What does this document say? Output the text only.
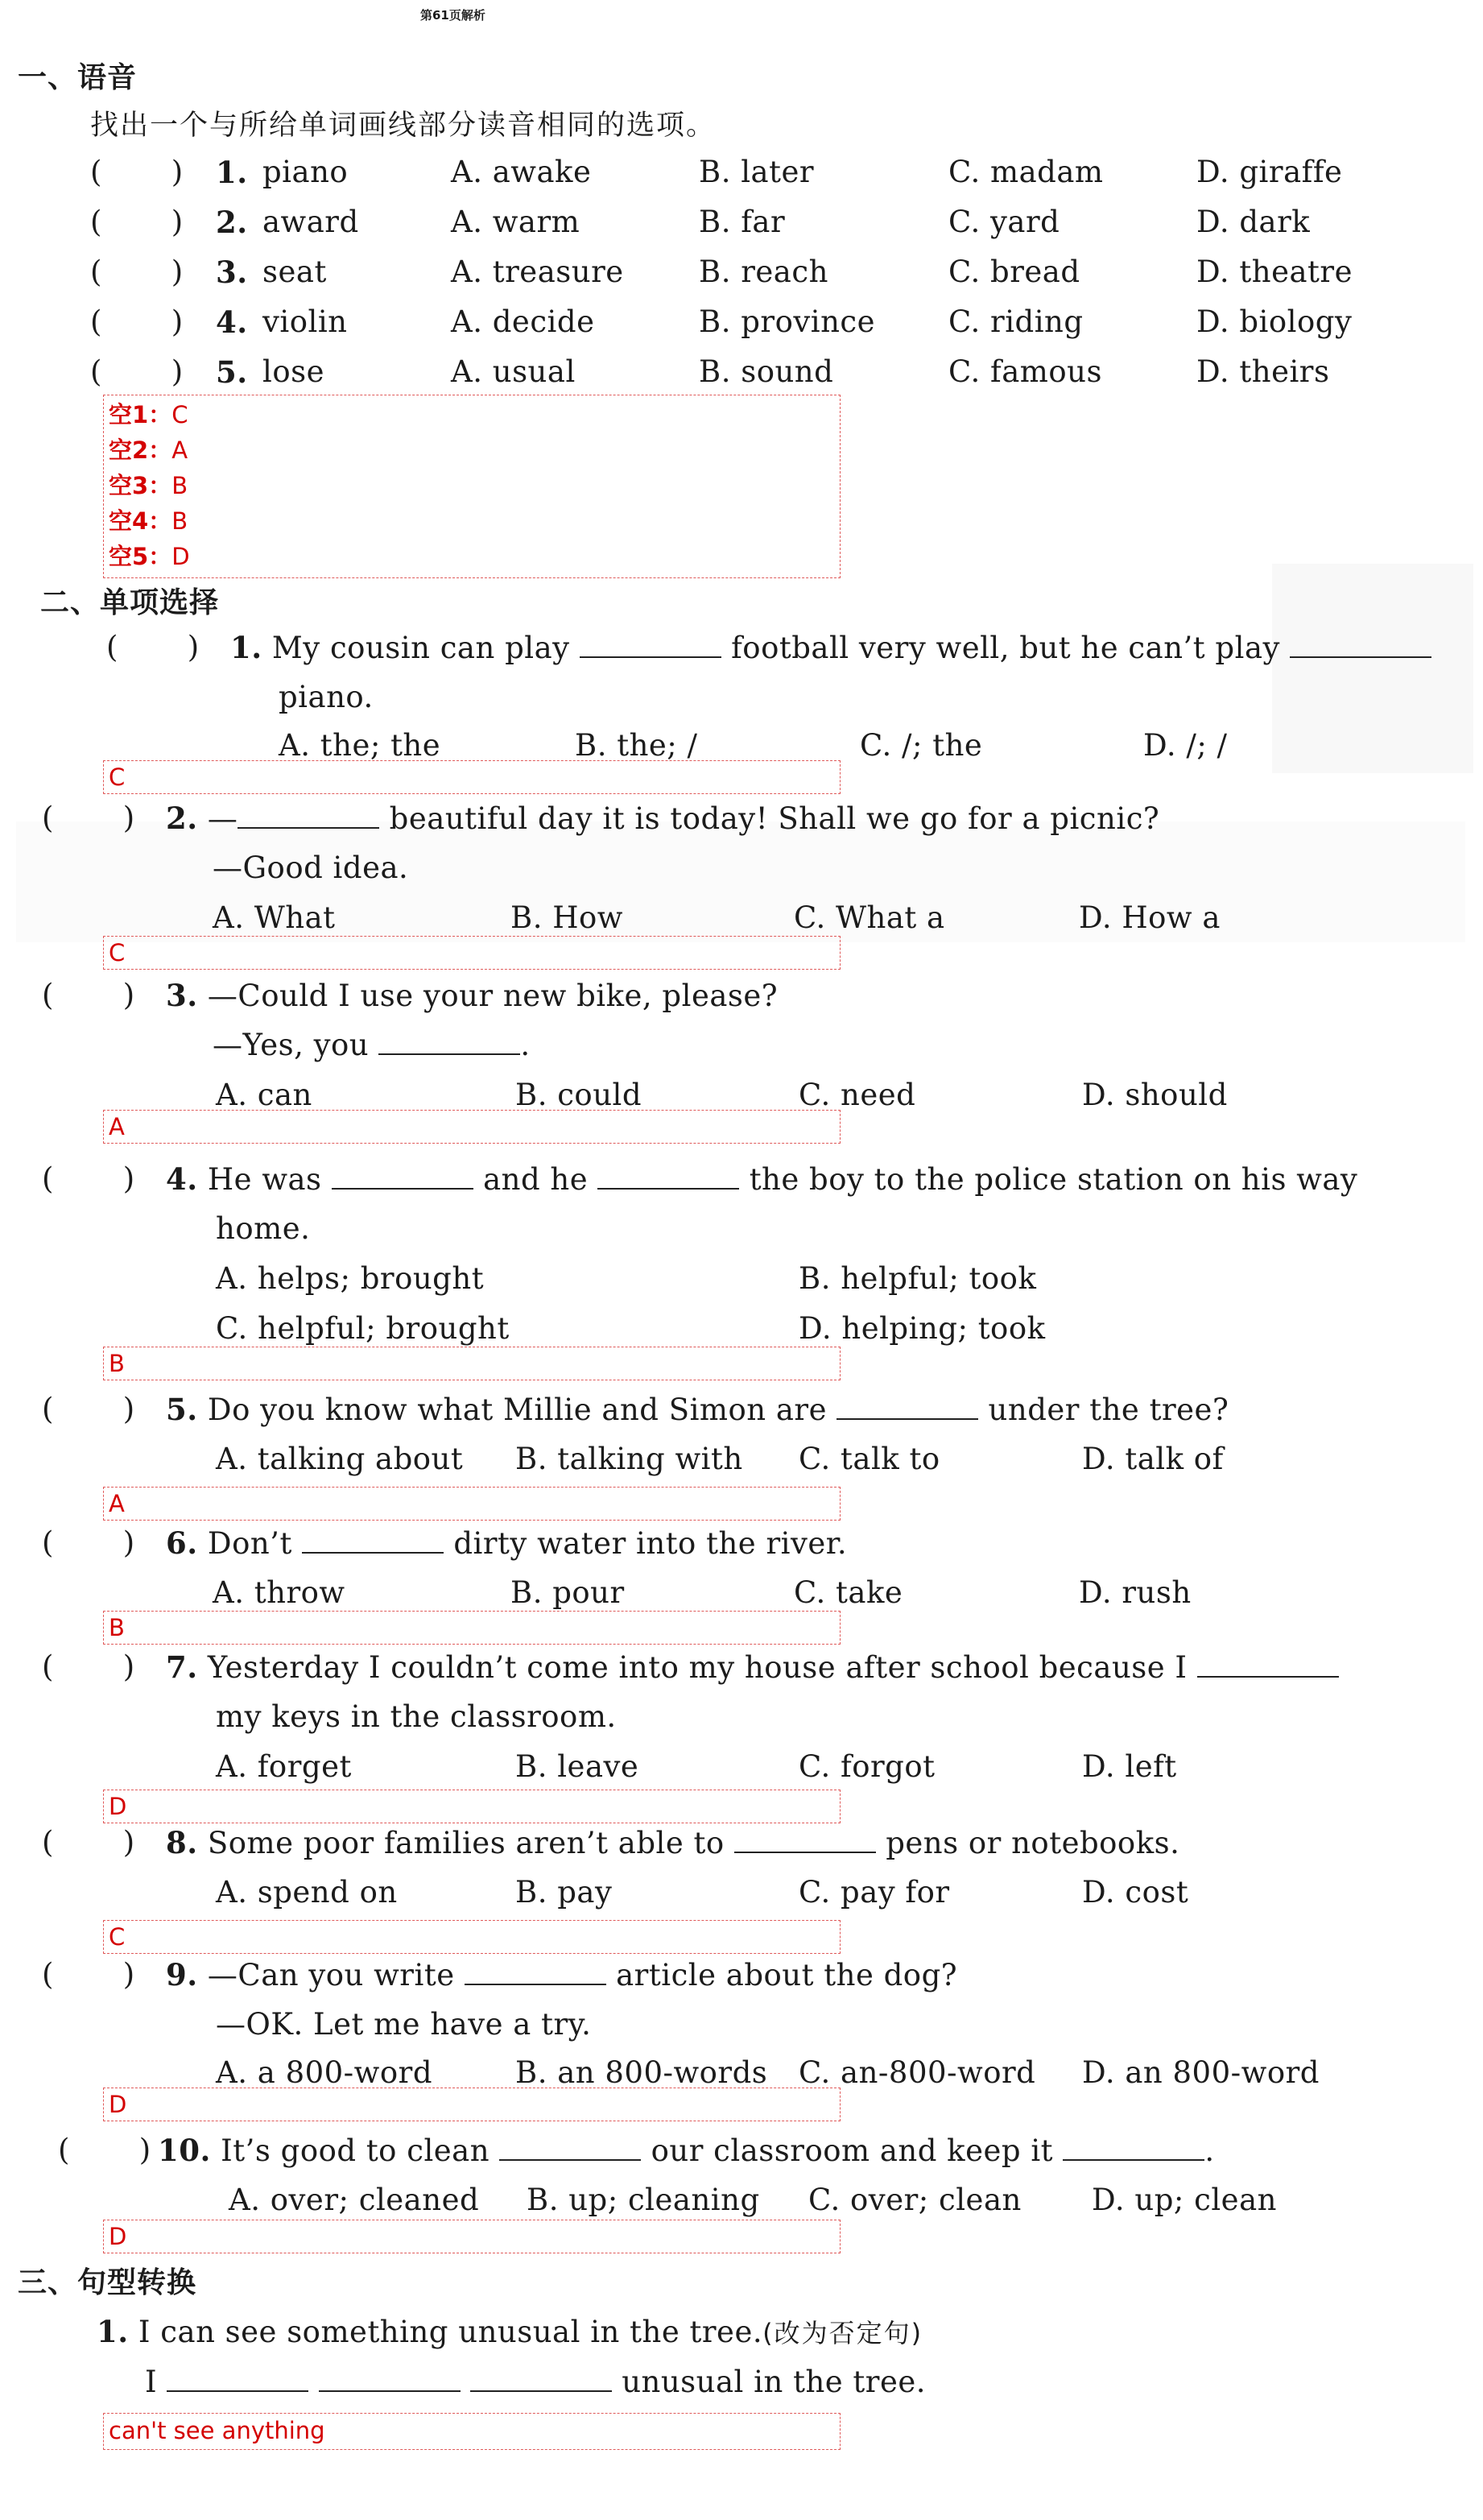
第61页解析
一、语音
找出一个与所给单词画线部分读音相同的选项。
(       ) 1. piano	A. awake	B. later	C. madam	D. giraffe
(       ) 2. award	A. warm	B. far	C. yard	D. dark
(       ) 3. seat	A. treasure	B. reach	C. bread	D. theatre
(       ) 4. violin	A. decide	B. province C. riding	D. biology
(       ) 5. lose	A. usual	B. sound	C. famous	D. theirs
空1：C
空2：A
空3：B
空4：B
空5：D
二、单项选择
(       ) 1. My cousin can play	football very well, but he can’t play
piano.
A. the; the	B. the; /	C. /; the	D. /; /
C
(       ) 2. —	beautiful day it is today! Shall we go for a picnic?
—Good idea.
A. What	B. How	C. What a	D. How a
C
(       ) 3. —Could I use your new bike, please?
—Yes, you	.
A. can	B. could	C. need	D. should
A
(       ) 4. He was	and he	the boy to the police station on his way
home.
A. helps; brought	B. helpful; took
C. helpful; brought	D. helping; took
B
(       ) 5. Do you know what Millie and Simon are	under the tree?
A. talking about B. talking with C. talk to	D. talk of
A
(       ) 6. Don’t	dirty water into the river.
A. throw	B. pour	C. take	D. rush
B
(       ) 7. Yesterday I couldn’t come into my house after school because I
my keys in the classroom.
A. forget	B. leave	C. forgot	D. left
D
(       ) 8. Some poor families aren’t able to	pens or notebooks.
A. spend on	B. pay	C. pay for	D. cost
C
(       ) 9. —Can you write	article about the dog?
—OK. Let me have a try.
A. a 800-word	B. an 800-words C. an-800-word D. an 800-word
D
(       ) 10. It’s good to clean	our classroom and keep it	.
A. over; cleaned B. up; cleaning C. over; clean D. up; clean
D
三、句型转换
1. I can see something unusual in the tree.(改为否定句)
I	unusual in the tree.
can't see anything
